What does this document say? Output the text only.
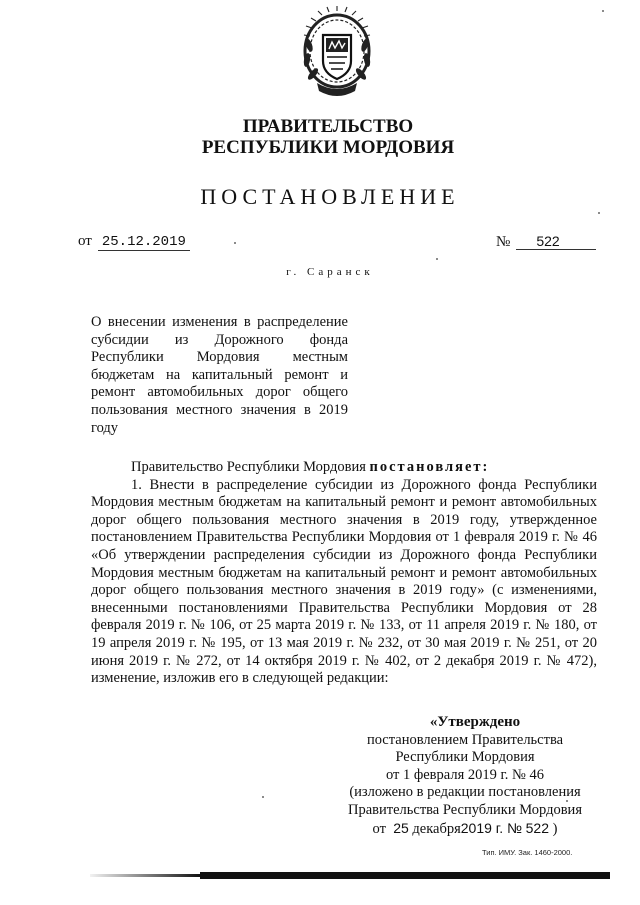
ПРАВИТЕЛЬСТВО
РЕСПУБЛИКИ МОРДОВИЯ
ПОСТАНОВЛЕНИЕ
от 25.12.2019	№ 522
г. Саранск
О внесении изменения в распределение субсидии из Дорожного фонда Республики Мордовия местным бюджетам на капитальный ремонт и ремонт автомобильных дорог общего пользования местного значения в 2019 году

Правительство Республики Мордовия постановляет:

1. Внести в распределение субсидии из Дорожного фонда Республики Мордовия местным бюджетам на капитальный ремонт и ремонт автомобильных дорог общего пользования местного значения в 2019 году, утвержденное постановлением Правительства Республики Мордовия от 1 февраля 2019 г. № 46 «Об утверждении распределения субсидии из Дорожного фонда Республики Мордовия местным бюджетам на капитальный ремонт и ремонт автомобильных дорог общего пользования местного значения в 2019 году» (с изменениями, внесенными постановлениями Правительства Республики Мордовия от 28 февраля 2019 г. № 106, от 25 марта 2019 г. № 133, от 11 апреля 2019 г. № 180, от 19 апреля 2019 г. № 195, от 13 мая 2019 г. № 232, от 30 мая 2019 г. № 251, от 20 июня 2019 г. № 272, от 14 октября 2019 г. № 402, от 2 декабря 2019 г. № 472), изменение, изложив его в следующей редакции:

«Утверждено
постановлением Правительства
Республики Мордовия
от 1 февраля 2019 г. № 46
(изложено в редакции постановления
Правительства Республики Мордовия
от 25 декабря2019 г. № 522 )
Тип. ИМУ. Зак. 1460-2000.
